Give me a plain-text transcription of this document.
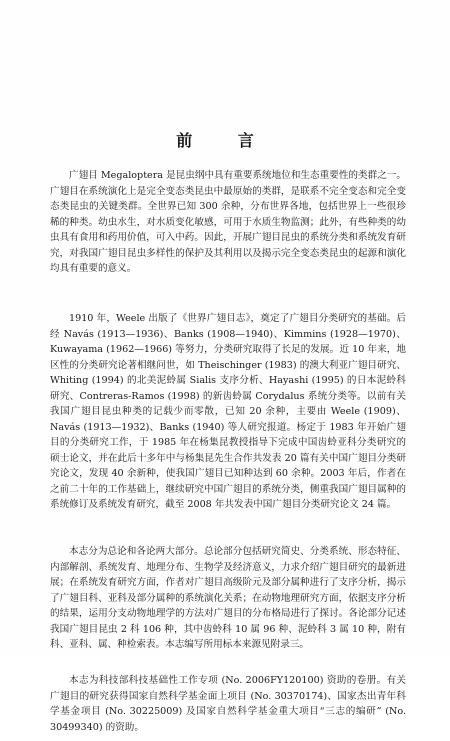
前 言

广翅目 Megaloptera 是昆虫纲中具有重要系统地位和生态重要性的类群之一。广翅目在系统演化上是完全变态类昆虫中最原始的类群，是联系不完全变态和完全变态类昆虫的关键类群。全世界已知 300 余种，分布世界各地，包括世界上一些很珍稀的种类。幼虫水生，对水质变化敏感，可用于水质生物监测；此外，有些种类的幼虫具有食用和药用价值，可入中药。因此，开展广翅目昆虫的系统分类和系统发育研究，对我国广翅目昆虫多样性的保护及其利用以及揭示完全变态类昆虫的起源和演化均具有重要的意义。

1910 年，Weele 出版了《世界广翅目志》，奠定了广翅目分类研究的基础。后经 Navás (1913—1936)、Banks (1908—1940)、Kimmins (1928—1970)、Kuwayama (1962—1966) 等努力，分类研究取得了长足的发展。近 10 年来，地区性的分类研究论著相继问世，如 Theischinger (1983) 的澳大利亚广翅目研究、Whiting (1994) 的北美泥蛉属 Sialis 支序分析、Hayashi (1995) 的日本泥蛉科研究、Contreras-Ramos (1998) 的新齿蛉属 Corydalus 系统分类等。以前有关我国广翅目昆虫种类的记载少而零散，已知 20 余种，主要由 Weele (1909)、Navás (1913—1932)、Banks (1940) 等人研究报道。杨定于 1983 年开始广翅目的分类研究工作，于 1985 年在杨集昆教授指导下完成中国齿蛉亚科分类研究的硕士论文，并在此后十多年中与杨集昆先生合作共发表 20 篇有关中国广翅目分类研究论文，发现 40 余新种，使我国广翅目已知种达到 60 余种。2003 年后，作者在之前二十年的工作基础上，继续研究中国广翅目的系统分类，侧重我国广翅目属种的系统修订及系统发育研究，截至 2008 年共发表中国广翅目分类研究论文 24 篇。

本志分为总论和各论两大部分。总论部分包括研究简史、分类系统、形态特征、内部解剖、系统发育、地理分布、生物学及经济意义，力求介绍广翅目研究的最新进展；在系统发育研究方面，作者对广翅目高级阶元及部分属种进行了支序分析，揭示了广翅目科、亚科及部分属种的系统演化关系；在动物地理研究方面，依据支序分析的结果，运用分支动物地理学的方法对广翅目的分布格局进行了探讨。各论部分记述我国广翅目昆虫 2 科 106 种，其中齿蛉科 10 属 96 种、泥蛉科 3 属 10 种，附有科、亚科、属、种检索表。本志编写所用标本来源见附录三。

本志为科技部科技基础性工作专项 (No. 2006FY120100) 资助的卷册。有关广翅目的研究获得国家自然科学基金面上项目 (No. 30370174)、国家杰出青年科学基金项目 (No. 30225009) 及国家自然科学基金重大项目“三志的编研” (No. 30499340) 的资助。
